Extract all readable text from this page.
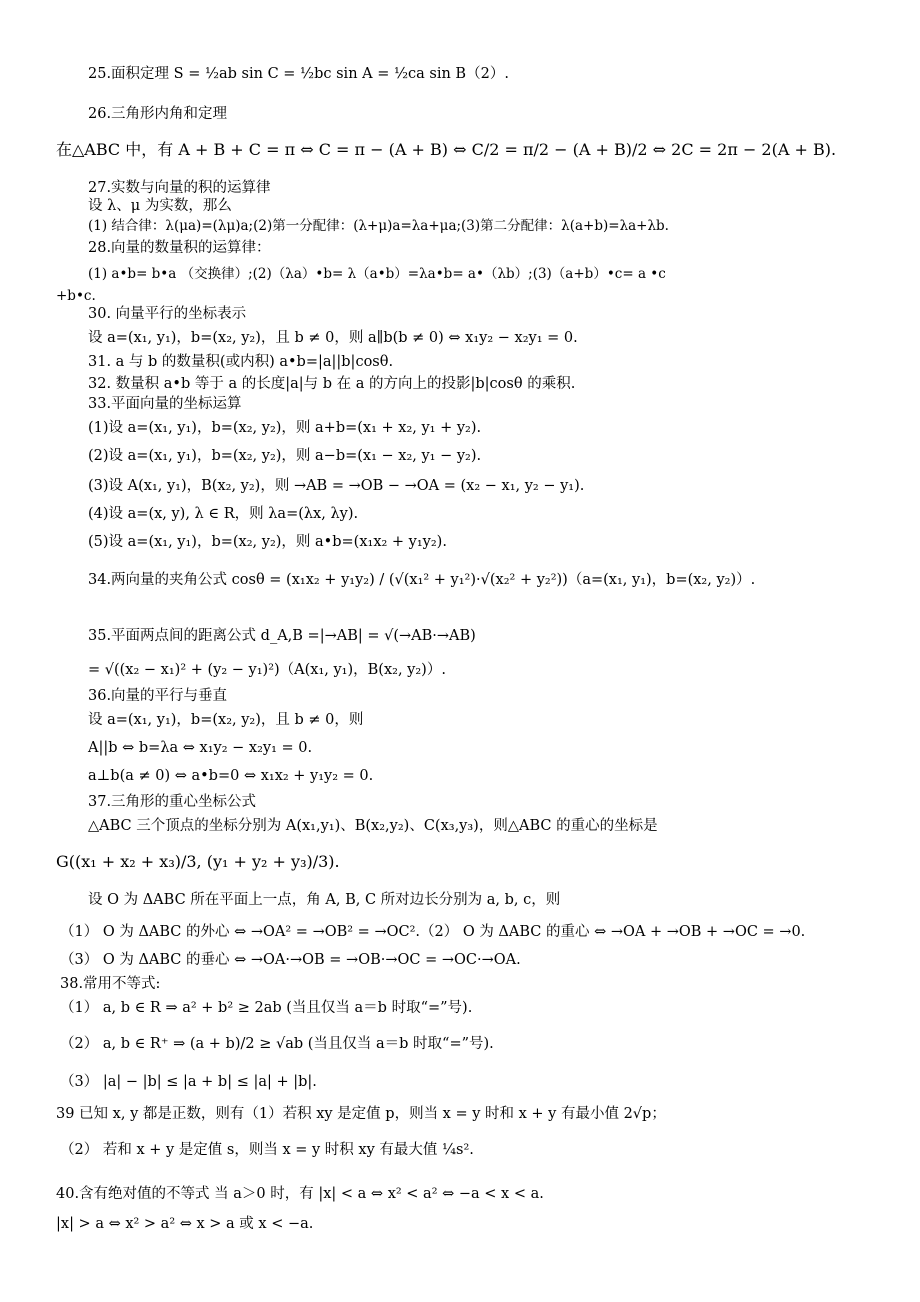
25.面积定理 S = ½ab sin C = ½bc sin A = ½ca sin B（2）.
26.三角形内角和定理
在△ABC 中，有 A + B + C = π ⇔ C = π − (A + B) ⇔ C/2 = π/2 − (A + B)/2 ⇔ 2C = 2π − 2(A + B).
27.实数与向量的积的运算律
设 λ、μ 为实数，那么
(1) 结合律：λ(μa)=(λμ)a;(2)第一分配律：(λ+μ)a=λa+μa;(3)第二分配律：λ(a+b)=λa+λb.
28.向量的数量积的运算律：
(1) a•b= b•a （交换律）;(2)（λa）•b= λ（a•b）=λa•b= a•（λb）;(3)（a+b）•c= a •c
+b•c.
30. 向量平行的坐标表示
设 a=(x₁, y₁)，b=(x₂, y₂)，且 b ≠ 0，则 a∥b(b ≠ 0) ⇔ x₁y₂ − x₂y₁ = 0.
31. a 与 b 的数量积(或内积) a•b=|a||b|cosθ.
32. 数量积 a•b 等于 a 的长度|a|与 b 在 a 的方向上的投影|b|cosθ 的乘积.
33.平面向量的坐标运算
(1)设 a=(x₁, y₁)，b=(x₂, y₂)，则 a+b=(x₁ + x₂, y₁ + y₂).
(2)设 a=(x₁, y₁)，b=(x₂, y₂)，则 a−b=(x₁ − x₂, y₁ − y₂).
(3)设 A(x₁, y₁)，B(x₂, y₂)，则 →AB = →OB − →OA = (x₂ − x₁, y₂ − y₁).
(4)设 a=(x, y), λ ∈ R，则 λa=(λx, λy).
(5)设 a=(x₁, y₁)，b=(x₂, y₂)，则 a•b=(x₁x₂ + y₁y₂).
34.两向量的夹角公式 cosθ = (x₁x₂ + y₁y₂) / (√(x₁² + y₁²)·√(x₂² + y₂²))（a=(x₁, y₁)，b=(x₂, y₂)）.
35.平面两点间的距离公式 d_A,B =|→AB| = √(→AB·→AB)
= √((x₂ − x₁)² + (y₂ − y₁)²)（A(x₁, y₁)，B(x₂, y₂)）.
36.向量的平行与垂直
设 a=(x₁, y₁)，b=(x₂, y₂)，且 b ≠ 0，则
A||b ⇔ b=λa ⇔ x₁y₂ − x₂y₁ = 0.
a⊥b(a ≠ 0) ⇔ a•b=0 ⇔ x₁x₂ + y₁y₂ = 0.
37.三角形的重心坐标公式
△ABC 三个顶点的坐标分别为 A(x₁,y₁)、B(x₂,y₂)、C(x₃,y₃)，则△ABC 的重心的坐标是
G((x₁ + x₂ + x₃)/3, (y₁ + y₂ + y₃)/3).
设 O 为 ΔABC 所在平面上一点，角 A, B, C 所对边长分别为 a, b, c，则
（1） O 为 ΔABC 的外心 ⇔ →OA² = →OB² = →OC².（2） O 为 ΔABC 的重心 ⇔ →OA + →OB + →OC = →0.
（3） O 为 ΔABC 的垂心 ⇔ →OA·→OB = →OB·→OC = →OC·→OA.
38.常用不等式:
（1） a, b ∈ R ⇒ a² + b² ≥ 2ab (当且仅当 a＝b 时取“=”号).
（2） a, b ∈ R⁺ ⇒ (a + b)/2 ≥ √ab (当且仅当 a＝b 时取“=”号).
（3） |a| − |b| ≤ |a + b| ≤ |a| + |b|.
39 已知 x, y 都是正数，则有（1）若积 xy 是定值 p，则当 x = y 时和 x + y 有最小值 2√p；
（2） 若和 x + y 是定值 s，则当 x = y 时积 xy 有最大值 ¼s².
40.含有绝对值的不等式 当 a＞0 时，有 |x| < a ⇔ x² < a² ⇔ −a < x < a.
|x| > a ⇔ x² > a² ⇔ x > a 或 x < −a.
